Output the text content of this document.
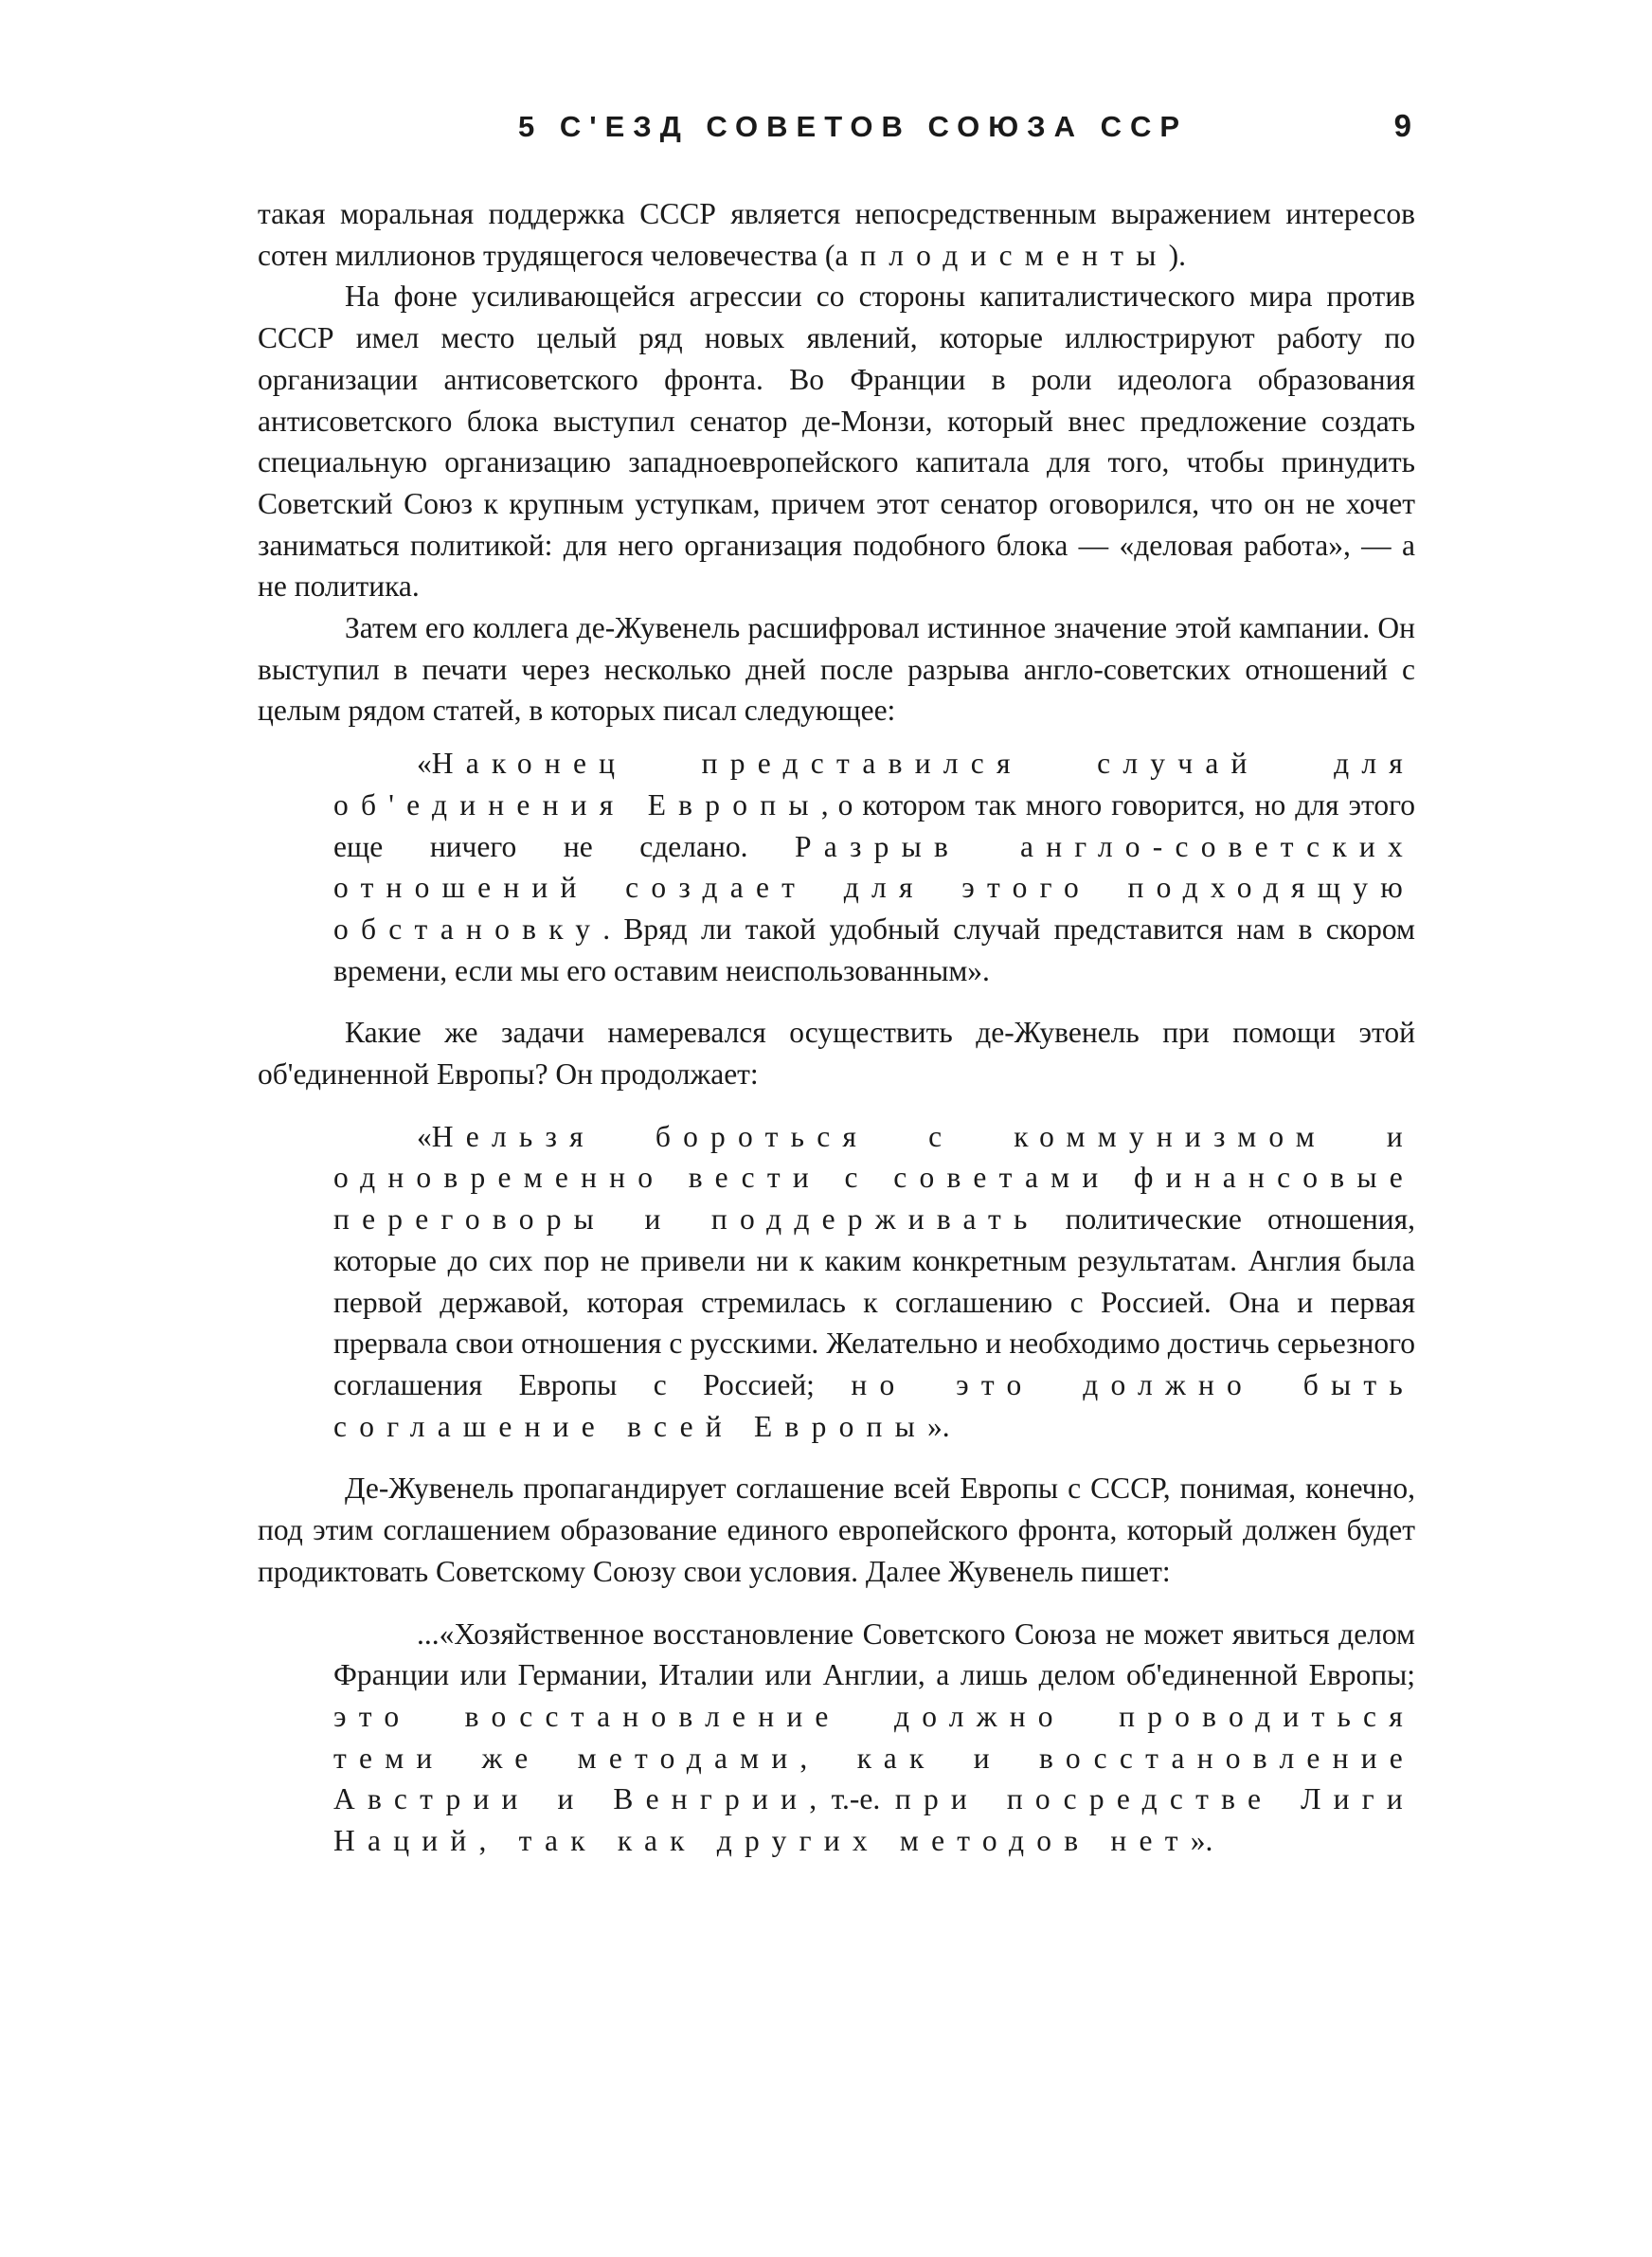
5 С'ЕЗД СОВЕТОВ СОЮЗА ССР	9

такая моральная поддержка СССР является непосредственным выражением интересов сотен миллионов трудящегося человечества (аплодисменты).

На фоне усиливающейся агрессии со стороны капиталистического мира против СССР имел место целый ряд новых явлений, которые иллюстрируют работу по организации антисоветского фронта. Во Франции в роли идеолога образования антисоветского блока выступил сенатор де-Монзи, который внес предложение создать специальную организацию западноевропейского капитала для того, чтобы принудить Советский Союз к крупным уступкам, причем этот сенатор оговорился, что он не хочет заниматься политикой: для него организация подобного блока — «деловая работа», — а не политика.

Затем его коллега де-Жувенель расшифровал истинное значение этой кампании. Он выступил в печати через несколько дней после разрыва англо-советских отношений с целым рядом статей, в которых писал следующее:

«Наконец представился случай для об'единения Европы, о котором так много говорится, но для этого еще ничего не сделано. Разрыв англо-советских отношений создает для этого подходящую обстановку. Вряд ли такой удобный случай представится нам в скором времени, если мы его оставим неиспользованным».

Какие же задачи намеревался осуществить де-Жувенель при помощи этой об'единенной Европы? Он продолжает:

«Нельзя бороться с коммунизмом и одновременно вести с советами финансовые переговоры и поддерживать политические отношения, которые до сих пор не привели ни к каким конкретным результатам. Англия была первой державой, которая стремилась к соглашению с Россией. Она и первая прервала свои отношения с русскими. Желательно и необходимо достичь серьезного соглашения Европы с Россией; но это должно быть соглашение всей Европы».

Де-Жувенель пропагандирует соглашение всей Европы с СССР, понимая, конечно, под этим соглашением образование единого европейского фронта, который должен будет продиктовать Советскому Союзу свои условия. Далее Жувенель пишет:

...«Хозяйственное восстановление Советского Союза не может явиться делом Франции или Германии, Италии или Англии, а лишь делом об'единенной Европы; это восстановление должно проводиться теми же методами, как и восстановление Австрии и Венгрии, т.-е. при посредстве Лиги Наций, так как других методов нет».
